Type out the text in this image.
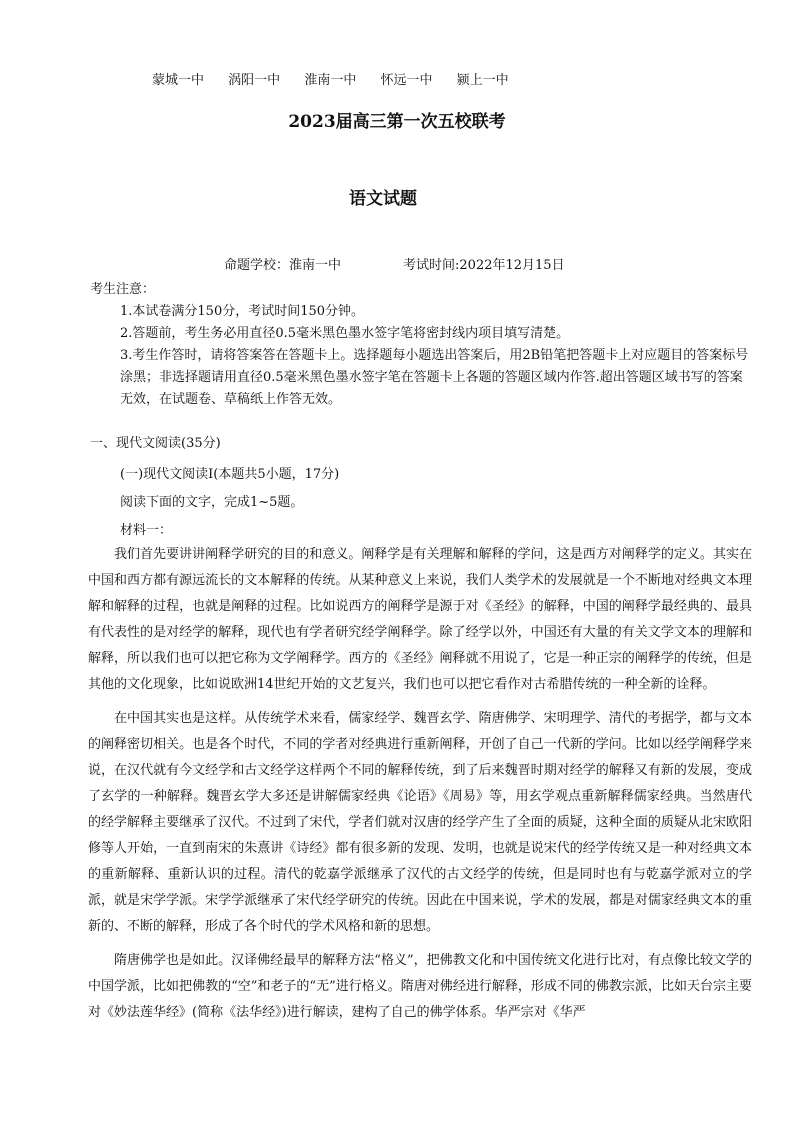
蒙城一中 涡阳一中 淮南一中 怀远一中 颍上一中
2023届高三第一次五校联考
语文试题
命题学校：淮南一中	考试时间:2022年12月15日
考生注意：

1.本试卷满分150分，考试时间150分钟。

2.答题前，考生务必用直径0.5毫米黑色墨水签字笔将密封线内项目填写清楚。

3.考生作答时，请将答案答在答题卡上。选择题每小题选出答案后，用2B铅笔把答题卡上对应题目的答案标号涂黑；非选择题请用直径0.5毫米黑色墨水签字笔在答题卡上各题的答题区域内作答.超出答题区域书写的答案无效，在试题卷、草稿纸上作答无效。

一、现代文阅读(35分)

(一)现代文阅读Ⅰ(本题共5小题，17分)

阅读下面的文字，完成1~5题。

材料一：

我们首先要讲讲阐释学研究的目的和意义。阐释学是有关理解和解释的学问，这是西方对阐释学的定义。其实在中国和西方都有源远流长的文本解释的传统。从某种意义上来说，我们人类学术的发展就是一个不断地对经典文本理解和解释的过程，也就是阐释的过程。比如说西方的阐释学是源于对《圣经》的解释，中国的阐释学最经典的、最具有代表性的是对经学的解释，现代也有学者研究经学阐释学。除了经学以外，中国还有大量的有关文学文本的理解和解释，所以我们也可以把它称为文学阐释学。西方的《圣经》阐释就不用说了，它是一种正宗的阐释学的传统，但是其他的文化现象，比如说欧洲14世纪开始的文艺复兴，我们也可以把它看作对古希腊传统的一种全新的诠释。

在中国其实也是这样。从传统学术来看，儒家经学、魏晋玄学、隋唐佛学、宋明理学、清代的考据学，都与文本的阐释密切相关。也是各个时代，不同的学者对经典进行重新阐释，开创了自己一代新的学问。比如以经学阐释学来说，在汉代就有今文经学和古文经学这样两个不同的解释传统，到了后来魏晋时期对经学的解释又有新的发展，变成了玄学的一种解释。魏晋玄学大多还是讲解儒家经典《论语》《周易》等，用玄学观点重新解释儒家经典。当然唐代的经学解释主要继承了汉代。不过到了宋代，学者们就对汉唐的经学产生了全面的质疑，这种全面的质疑从北宋欧阳修等人开始，一直到南宋的朱熹讲《诗经》都有很多新的发现、发明，也就是说宋代的经学传统又是一种对经典文本的重新解释、重新认识的过程。清代的乾嘉学派继承了汉代的古文经学的传统，但是同时也有与乾嘉学派对立的学派，就是宋学学派。宋学学派继承了宋代经学研究的传统。因此在中国来说，学术的发展，都是对儒家经典文本的重新的、不断的解释，形成了各个时代的学术风格和新的思想。

隋唐佛学也是如此。汉译佛经最早的解释方法“格义”，把佛教文化和中国传统文化进行比对，有点像比较文学的中国学派，比如把佛教的“空”和老子的“无”进行格义。隋唐对佛经进行解释，形成不同的佛教宗派，比如天台宗主要对《妙法莲华经》(简称《法华经》)进行解读，建构了自己的佛学体系。华严宗对《华严
